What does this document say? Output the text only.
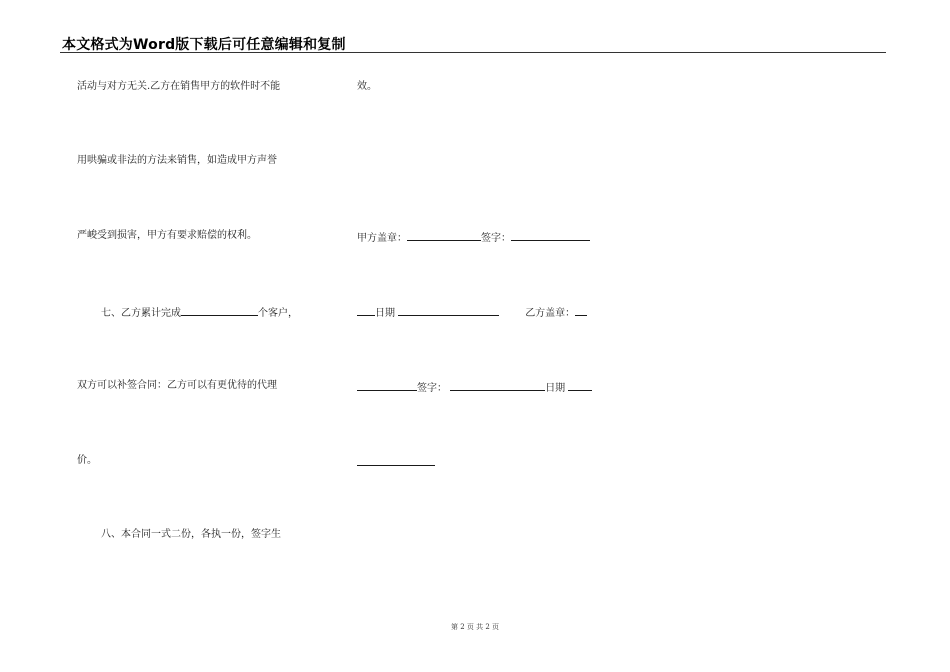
本文格式为Word版下载后可任意编辑和复制
活动与对方无关.乙方在销售甲方的软件时不能
用哄骗或非法的方法来销售，如造成甲方声誉
严峻受到损害，甲方有要求赔偿的权利。
七、乙方累计完成	个客户，
双方可以补签合同：乙方可以有更优待的代理
价。
八、本合同一式二份，各执一份，签字生
效。
甲方盖章：	签字：
日期	乙方盖章：
签字：	日期
第 2 页 共 2 页
